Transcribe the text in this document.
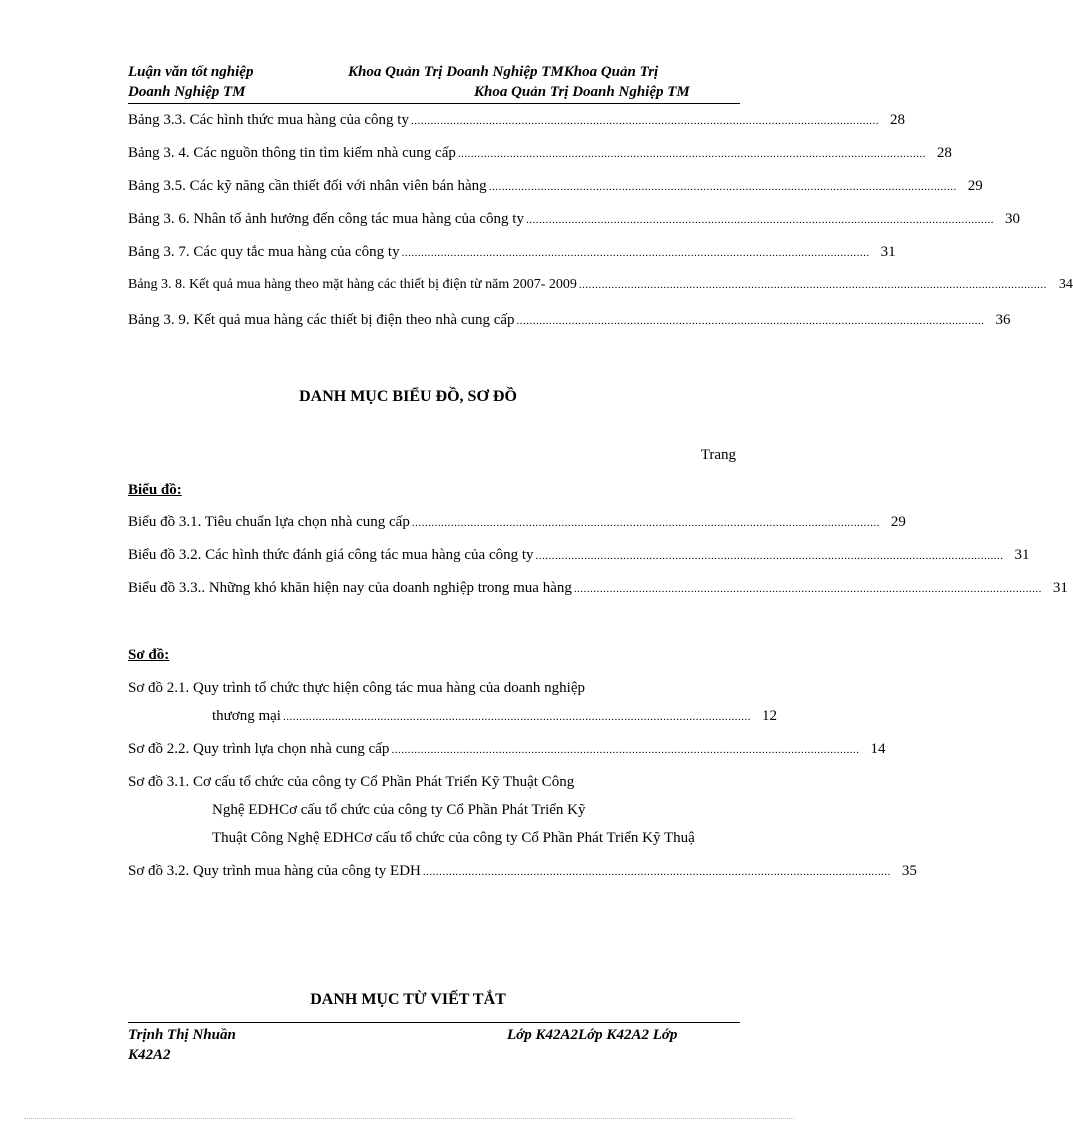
Luận văn tốt nghiệp	Khoa Quản Trị Doanh Nghiệp TMKhoa Quản Trị
Doanh Nghiệp TM	Khoa Quản Trị Doanh Nghiệp TM
Bảng 3.3. Các hình thức mua hàng của công ty ................................................................................................................................................ 28
Bảng 3. 4. Các nguồn thông tin tìm kiếm nhà cung cấp ................................................................................................................................................ 28
Bảng 3.5. Các kỹ năng cần thiết đối với nhân viên bán hàng ................................................................................................................................................ 29
Bảng 3. 6. Nhân tố ảnh hưởng đến công tác mua hàng của công ty ................................................................................................................................................ 30
Bảng 3. 7. Các quy tắc mua hàng của công ty ................................................................................................................................................ 31
Bảng 3. 8. Kết quả mua hàng theo mặt hàng các thiết bị điện từ năm 2007- 2009 ................................................................................................................................................ 34
Bảng 3. 9. Kết quả mua hàng các thiết bị điện theo nhà cung cấp ................................................................................................................................................ 36
DANH MỤC BIỂU ĐỒ, SƠ ĐỒ
Trang
Biểu đồ:
Biểu đồ 3.1. Tiêu chuẩn lựa chọn nhà cung cấp ................................................................................................................................................ 29
Biểu đồ 3.2. Các hình thức đánh giá công tác mua hàng của công ty ................................................................................................................................................ 31
Biểu đồ 3.3.. Những khó khăn hiện nay của doanh nghiệp trong mua hàng ................................................................................................................................................ 31
Sơ đồ:
Sơ đồ 2.1. Quy trình tổ chức thực hiện công tác mua hàng của doanh nghiệp
thương mại ................................................................................................................................................ 12
Sơ đồ 2.2. Quy trình lựa chọn nhà cung cấp ................................................................................................................................................ 14
Sơ đồ 3.1. Cơ cấu tổ chức của công ty Cổ Phần Phát Triển Kỹ Thuật Công
Nghệ EDHCơ cấu tổ chức của công ty Cổ Phần Phát Triển Kỹ
Thuật Công Nghệ EDHCơ cấu tổ chức của công ty Cổ Phần Phát Triển Kỹ Thuậ
Sơ đồ 3.2. Quy trình mua hàng của công ty EDH ................................................................................................................................................ 35
DANH MỤC TỪ VIẾT TẮT
Trịnh Thị Nhuần	Lớp K42A2Lớp K42A2 Lớp
K42A2
